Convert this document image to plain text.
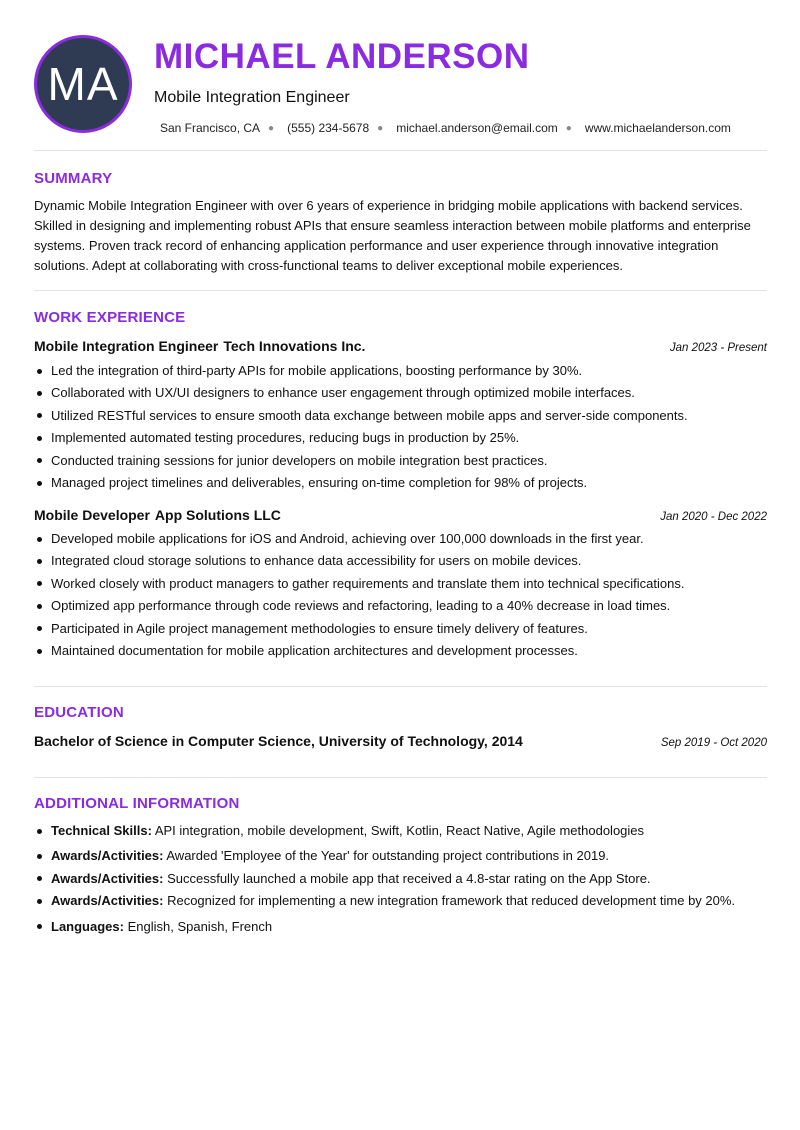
MA
MICHAEL ANDERSON
Mobile Integration Engineer
San Francisco, CA ● (555) 234-5678 ● michael.anderson@email.com ● www.michaelanderson.com
SUMMARY
Dynamic Mobile Integration Engineer with over 6 years of experience in bridging mobile applications with backend services. Skilled in designing and implementing robust APIs that ensure seamless interaction between mobile platforms and enterprise systems. Proven track record of enhancing application performance and user experience through innovative integration solutions. Adept at collaborating with cross-functional teams to deliver exceptional mobile experiences.
WORK EXPERIENCE
Mobile Integration Engineer Tech Innovations Inc.	Jan 2023 - Present
Led the integration of third-party APIs for mobile applications, boosting performance by 30%.
Collaborated with UX/UI designers to enhance user engagement through optimized mobile interfaces.
Utilized RESTful services to ensure smooth data exchange between mobile apps and server-side components.
Implemented automated testing procedures, reducing bugs in production by 25%.
Conducted training sessions for junior developers on mobile integration best practices.
Managed project timelines and deliverables, ensuring on-time completion for 98% of projects.
Mobile Developer App Solutions LLC	Jan 2020 - Dec 2022
Developed mobile applications for iOS and Android, achieving over 100,000 downloads in the first year.
Integrated cloud storage solutions to enhance data accessibility for users on mobile devices.
Worked closely with product managers to gather requirements and translate them into technical specifications.
Optimized app performance through code reviews and refactoring, leading to a 40% decrease in load times.
Participated in Agile project management methodologies to ensure timely delivery of features.
Maintained documentation for mobile application architectures and development processes.
EDUCATION
Bachelor of Science in Computer Science, University of Technology, 2014	Sep 2019 - Oct 2020
ADDITIONAL INFORMATION
Technical Skills: API integration, mobile development, Swift, Kotlin, React Native, Agile methodologies
Awards/Activities: Awarded 'Employee of the Year' for outstanding project contributions in 2019.
Awards/Activities: Successfully launched a mobile app that received a 4.8-star rating on the App Store.
Awards/Activities: Recognized for implementing a new integration framework that reduced development time by 20%.
Languages: English, Spanish, French
